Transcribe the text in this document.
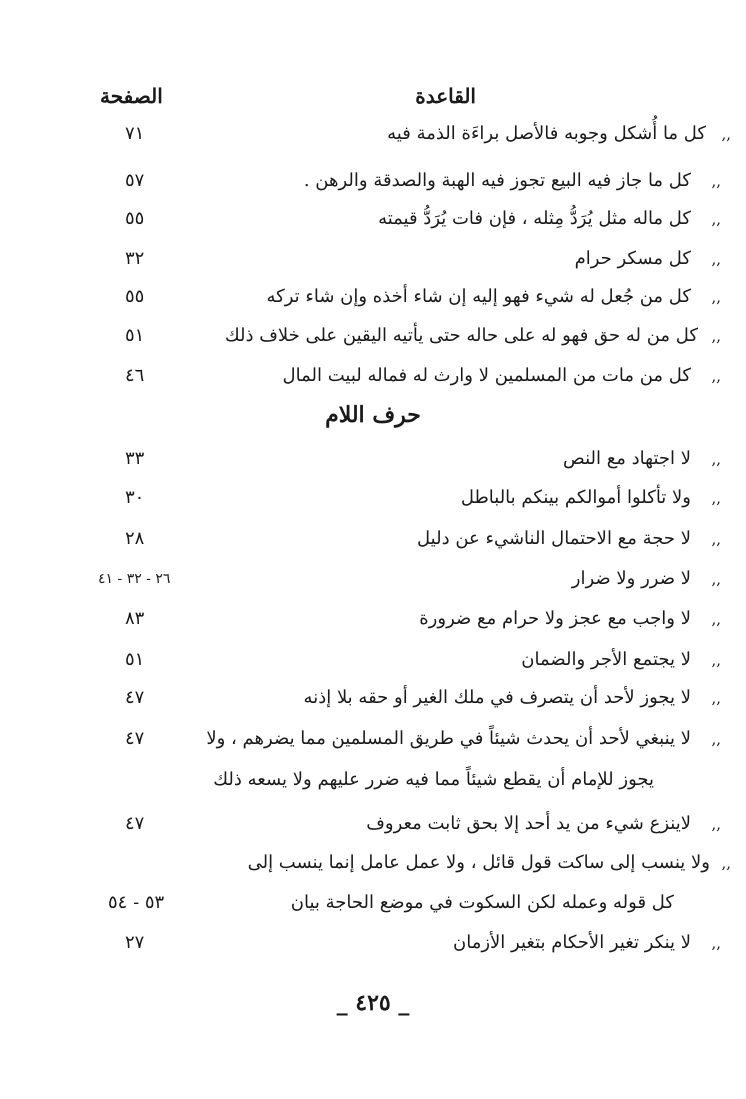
القاعدة
الصفحة
,,
كل ما أُشكل وجوبه فالأصل براءَة الذمة فيه
٧١
,,
كل ما جاز فيه البيع تجوز فيه الهبة والصدقة والرهن .
٥٧
,,
كل ماله مثل يُرَدُّ مِثله ، فإن فات يُرَدُّ قيمته
٥٥
,,
كل مسكر حرام
٣٢
,,
كل من جُعل له شيء فهو إليه إن شاء أخذه وإن شاء تركه
٥٥
,,
كل من له حق فهو له على حاله حتى يأتيه اليقين على خلاف ذلك
٥١
,,
كل من مات من المسلمين لا وارث له فماله لبيت المال
٤٦
حرف اللام
,,
لا اجتهاد مع النص
٣٣
,,
ولا تأكلوا أموالكم بينكم بالباطل
٣٠
,,
لا حجة مع الاحتمال الناشيء عن دليل
٢٨
,,
لا ضرر ولا ضرار
٢٦ - ٣٢ - ٤١
,,
لا واجب مع عجز ولا حرام مع ضرورة
٨٣
,,
لا يجتمع الأجر والضمان
٥١
,,
لا يجوز لأحد أن يتصرف في ملك الغير أو حقه بلا إذنه
٤٧
,,
لا ينبغي لأحد أن يحدث شيئاً في طريق المسلمين مما يضرهم ، ولا
٤٧
يجوز للإمام أن يقطع شيئاً مما فيه ضرر عليهم ولا يسعه ذلك
,,
لاينزع شيء من يد أحد إلا بحق ثابت معروف
٤٧
,,
ولا ينسب إلى ساكت قول قائل ، ولا عمل عامل إنما ينسب إلى
كل قوله وعمله لكن السكوت في موضع الحاجة بيان
٥٣ - ٥٤
,,
لا ينكر تغير الأحكام بتغير الأزمان
٢٧
_ ٤٢٥ _
